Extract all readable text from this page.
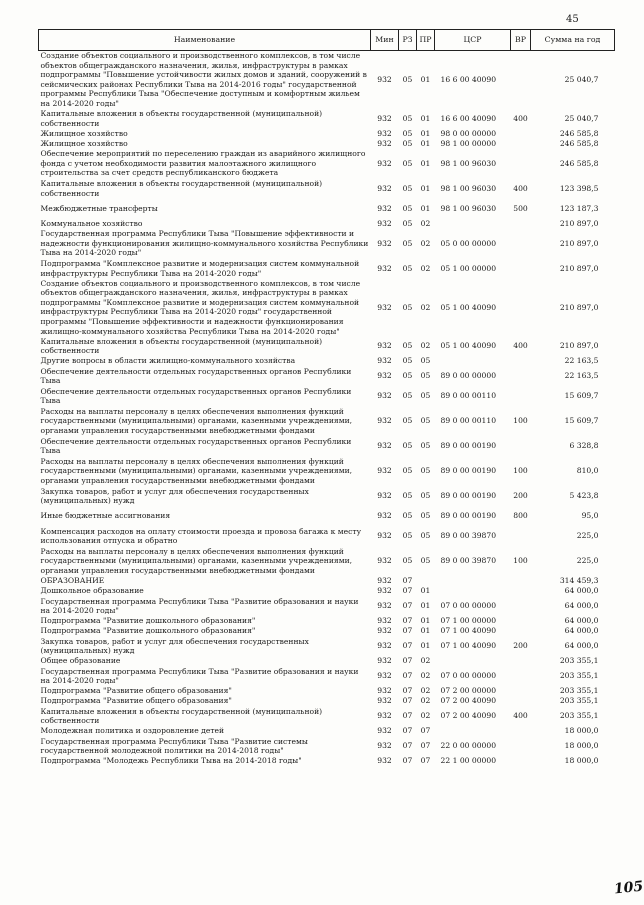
45
Наименование	Мин	РЗ	ПР	ЦСР	ВР	Сумма на год
Создание объектов социального и производственного комплексов, в том числе объектов общегражданского назначения, жилья, инфраструктуры в рамках подпрограммы "Повышение устойчивости жилых домов и зданий, сооружений в сейсмических районах Республики Тыва на 2014-2016 годы" государственной программы Республики Тыва "Обеспечение доступным и комфортным жильем на 2014-2020 годы"	932	05	01	16 6 00 40090		25 040,7
Капитальные вложения в объекты государственной (муниципальной) собственности	932	05	01	16 6 00 40090	400	25 040,7
Жилищное хозяйство	932	05	01	98 0 00 00000		246 585,8
Жилищное хозяйство	932	05	01	98 1 00 00000		246 585,8
Обеспечение мероприятий по переселению граждан из аварийного жилищного фонда с учетом необходимости развития малоэтажного жилищного строительства за счет средств республиканского бюджета	932	05	01	98 1 00 96030		246 585,8
Капитальные вложения в объекты государственной (муниципальной) собственности	932	05	01	98 1 00 96030	400	123 398,5
Межбюджетные трансферты	932	05	01	98 1 00 96030	500	123 187,3
Коммунальное хозяйство	932	05	02			210 897,0
Государственная программа Республики Тыва "Повышение эффективности и надежности функционирования жилищно-коммунального хозяйства Республики Тыва на 2014-2020 годы"	932	05	02	05 0 00 00000		210 897,0
Подпрограмма "Комплексное развитие и модернизация систем коммунальной инфраструктуры Республики Тыва на 2014-2020 годы"	932	05	02	05 1 00 00000		210 897,0
Создание объектов социального и производственного комплексов, в том числе объектов общегражданского назначения, жилья, инфраструктуры в рамках подпрограммы "Комплексное развитие и модернизация систем коммунальной инфраструктуры Республики Тыва на 2014-2020 годы" государственной программы "Повышение эффективности и надежности функционирования жилищно-коммунального хозяйства Республики Тыва на 2014-2020 годы"	932	05	02	05 1 00 40090		210 897,0
Капитальные вложения в объекты государственной (муниципальной) собственности	932	05	02	05 1 00 40090	400	210 897,0
Другие вопросы в области жилищно-коммунального хозяйства	932	05	05			22 163,5
Обеспечение деятельности отдельных государственных органов Республики Тыва	932	05	05	89 0 00 00000		22 163,5
Обеспечение деятельности отдельных государственных органов Республики Тыва	932	05	05	89 0 00 00110		15 609,7
Расходы на выплаты персоналу в целях обеспечения выполнения функций государственными (муниципальными) органами, казенными учреждениями, органами управления государственными внебюджетными фондами	932	05	05	89 0 00 00110	100	15 609,7
Обеспечение деятельности отдельных государственных органов Республики Тыва	932	05	05	89 0 00 00190		6 328,8
Расходы на выплаты персоналу в целях обеспечения выполнения функций государственными (муниципальными) органами, казенными учреждениями, органами управления государственными внебюджетными фондами	932	05	05	89 0 00 00190	100	810,0
Закупка товаров, работ и услуг для обеспечения государственных (муниципальных) нужд	932	05	05	89 0 00 00190	200	5 423,8
Иные бюджетные ассигнования	932	05	05	89 0 00 00190	800	95,0
Компенсация расходов на оплату стоимости проезда и провоза багажа к месту использования отпуска и обратно	932	05	05	89 0 00 39870		225,0
Расходы на выплаты персоналу в целях обеспечения выполнения функций государственными (муниципальными) органами, казенными учреждениями, органами управления государственными внебюджетными фондами	932	05	05	89 0 00 39870	100	225,0
ОБРАЗОВАНИЕ	932	07				314 459,3
Дошкольное образование	932	07	01			64 000,0
Государственная программа Республики Тыва "Развитие образования и науки на 2014-2020 годы"	932	07	01	07 0 00 00000		64 000,0
Подпрограмма "Развитие дошкольного образования"	932	07	01	07 1 00 00000		64 000,0
Подпрограмма "Развитие дошкольного образования"	932	07	01	07 1 00 40090		64 000,0
Закупка товаров, работ и услуг для обеспечения государственных (муниципальных) нужд	932	07	01	07 1 00 40090	200	64 000,0
Общее образование	932	07	02			203 355,1
Государственная программа Республики Тыва "Развитие образования и науки на 2014-2020 годы"	932	07	02	07 0 00 00000		203 355,1
Подпрограмма "Развитие общего образования"	932	07	02	07 2 00 00000		203 355,1
Подпрограмма "Развитие общего образования"	932	07	02	07 2 00 40090		203 355,1
Капитальные вложения в объекты государственной (муниципальной) собственности	932	07	02	07 2 00 40090	400	203 355,1
Молодежная политика и оздоровление детей	932	07	07			18 000,0
Государственная программа Республики Тыва "Развитие системы государственной молодежной политики на 2014-2018 годы"	932	07	07	22 0 00 00000		18 000,0
Подпрограмма "Молодежь Республики Тыва на 2014-2018 годы"	932	07	07	22 1 00 00000		18 000,0
105
